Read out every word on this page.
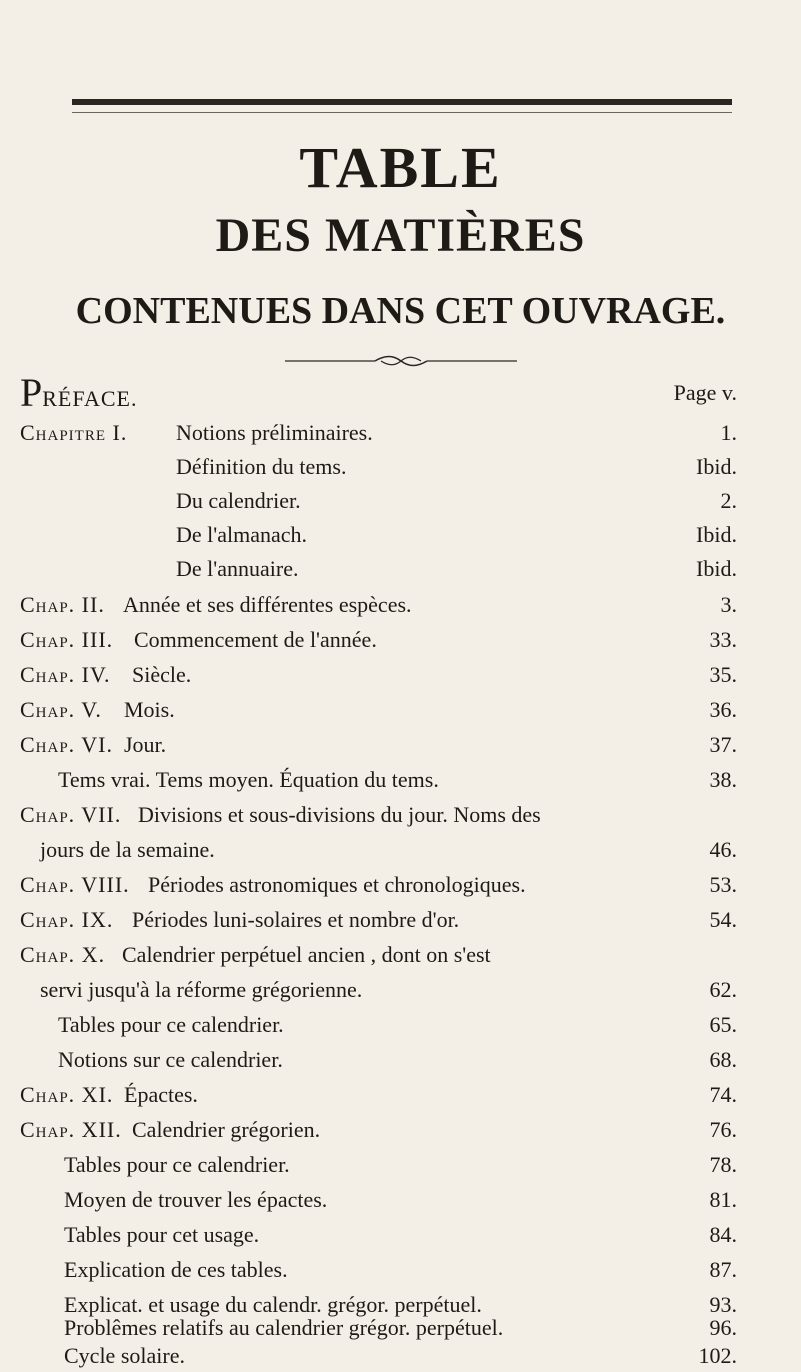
TABLE
DES MATIÈRES
CONTENUES DANS CET OUVRAGE.
PRÉFACE.	Page v.
Chapitre I. Notions préliminaires.	1.
Définition du tems.	Ibid.
Du calendrier.	2.
De l'almanach.	Ibid.
De l'annuaire.	Ibid.
Chap. II. Année et ses différentes espèces.	3.
Chap. III. Commencement de l'année.	33.
Chap. IV. Siècle.	35.
Chap. V. Mois.	36.
Chap. VI. Jour.	37.
Tems vrai. Tems moyen. Équation du tems.	38.
Chap. VII. Divisions et sous-divisions du jour. Noms des
jours de la semaine.	46.
Chap. VIII. Périodes astronomiques et chronologiques.	53.
Chap. IX. Périodes luni-solaires et nombre d'or.	54.
Chap. X. Calendrier perpétuel ancien , dont on s'est
servi jusqu'à la réforme grégorienne.	62.
Tables pour ce calendrier.	65.
Notions sur ce calendrier.	68.
Chap. XI. Épactes.	74.
Chap. XII. Calendrier grégorien.	76.
Tables pour ce calendrier.	78.
Moyen de trouver les épactes.	81.
Tables pour cet usage.	84.
Explication de ces tables.	87.
Explicat. et usage du calendr. grégor. perpétuel.	93.
Problêmes relatifs au calendrier grégor. perpétuel.	96.
Cycle solaire.	102.
